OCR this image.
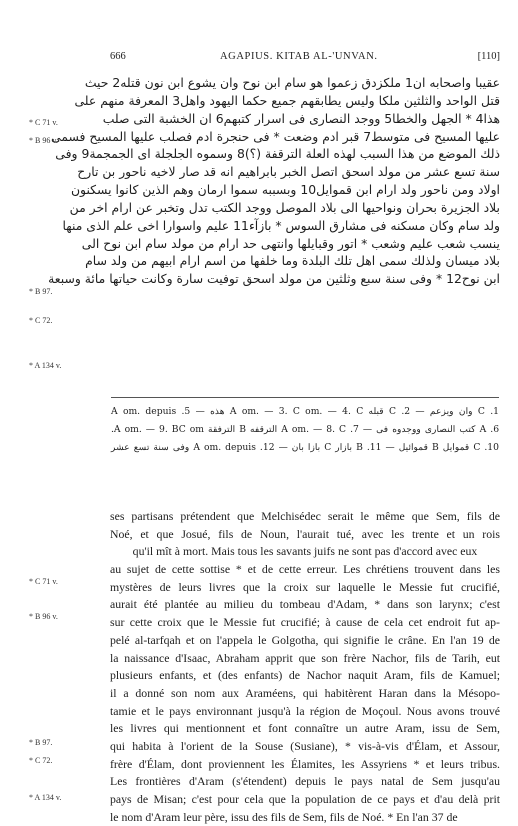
666	AGAPIUS. KITAB AL-'UNVAN.	[110]
عقيبا واصحابه ان1 ملكزدق زعموا هو سام ابن نوح وان يشوع ابن نون قتله2 حيث
قتل الواحد والثلثين ملكا وليس يطابقهم جميع حكما اليهود واهل3 المعرفة منهم على
هذا4 * الجهل والخطا5 ووجد النصارى فى اسرار كتبهم6 ان الخشبة التى صلب
عليها المسيح فى متوسط7 قبر ادم وضعت * فى حنجرة ادم فصلب عليها المسيح فسمى
ذلك الموضع من هذا السبب لهذه العلة الترقفة (؟)8 وسموه الجلجلة اى الجمجمة9 وفى
سنة تسع عشر من مولد اسحق اتصل الخبر بابراهيم انه قد صار لاخيه ناحور بن تارح
اولاد ومن ناحور ولد ارام ابن قموايل10 وبسببه سموا ارمان وهم الذين كانوا يسكنون
بلاد الجزيرة بحران ونواحيها الى بلاد الموصل ووجد الكتب تدل وتخبر عن ارام اخر من
ولد سام وكان مسكنه فى مشارق السوس * بازآء11 عليم واسوارا اخى علم الذى منها
ينسب شعب عليم وشعب * اتور وقبايلها وانتهى حد ارام من مولد سام ابن نوح الى
بلاد ميسان ولذلك سمى اهل تلك البلدة وما خلفها من اسم ارام ابيهم من ولد سام
ابن نوح12 * وفى سنة سبع وثلثين من مولد اسحق توفيت سارة وكانت حياتها مائة وسبعة
* C 71 v.
* B 96 v.
* B 97.
* C 72.
* A 134 v.
1. C وان ويزعم — 2. C قبله A om. — 3. C om. — 4. C هذه — 5. A om. depuis
6. A كتب النصارى ووجدوه فى — 7. A om. — 8. C الترقفه B الترفقة A om. — 9. BC om.
10. C قموايل B قموائيل — 11. B بازار C بازا بان — 12. A om. depuis وفى سنة تسع عشر
ses partisans prétendent que Melchisédec serait le même que Sem, fils de
Noé, et que Josué, fils de Noun, l'aurait tué, avec les trente et un rois
qu'il mît à mort. Mais tous les savants juifs ne sont pas d'accord avec eux
au sujet de cette sottise * et de cette erreur. Les chrétiens trouvent dans les
mystères de leurs livres que la croix sur laquelle le Messie fut crucifié,
aurait été plantée au milieu du tombeau d'Adam, * dans son larynx; c'est
sur cette croix que le Messie fut crucifié; à cause de cela cet endroit fut ap-
pelé al-tarfqah et on l'appela le Golgotha, qui signifie le crâne. En l'an 19 de
la naissance d'Isaac, Abraham apprit que son frère Nachor, fils de Tarih, eut
plusieurs enfants, et (des enfants) de Nachor naquit Aram, fils de Kamuel;
il a donné son nom aux Araméens, qui habitèrent Haran dans la Mésopo-
tamie et le pays environnant jusqu'à la région de Moçoul. Nous avons trouvé
les livres qui mentionnent et font connaître un autre Aram, issu de Sem,
qui habita à l'orient de la Souse (Susiane), * vis-à-vis d'Élam, et Assour,
frère d'Élam, dont proviennent les Élamites, les Assyriens * et leurs tribus.
Les frontières d'Aram (s'étendent) depuis le pays natal de Sem jusqu'au
pays de Misan; c'est pour cela que la population de ce pays et d'au delà prit
le nom d'Aram leur père, issu des fils de Sem, fils de Noé. * En l'an 37 de
* C 71 v.
* B 96 v.
* B 97.
* C 72.
* A 134 v.
